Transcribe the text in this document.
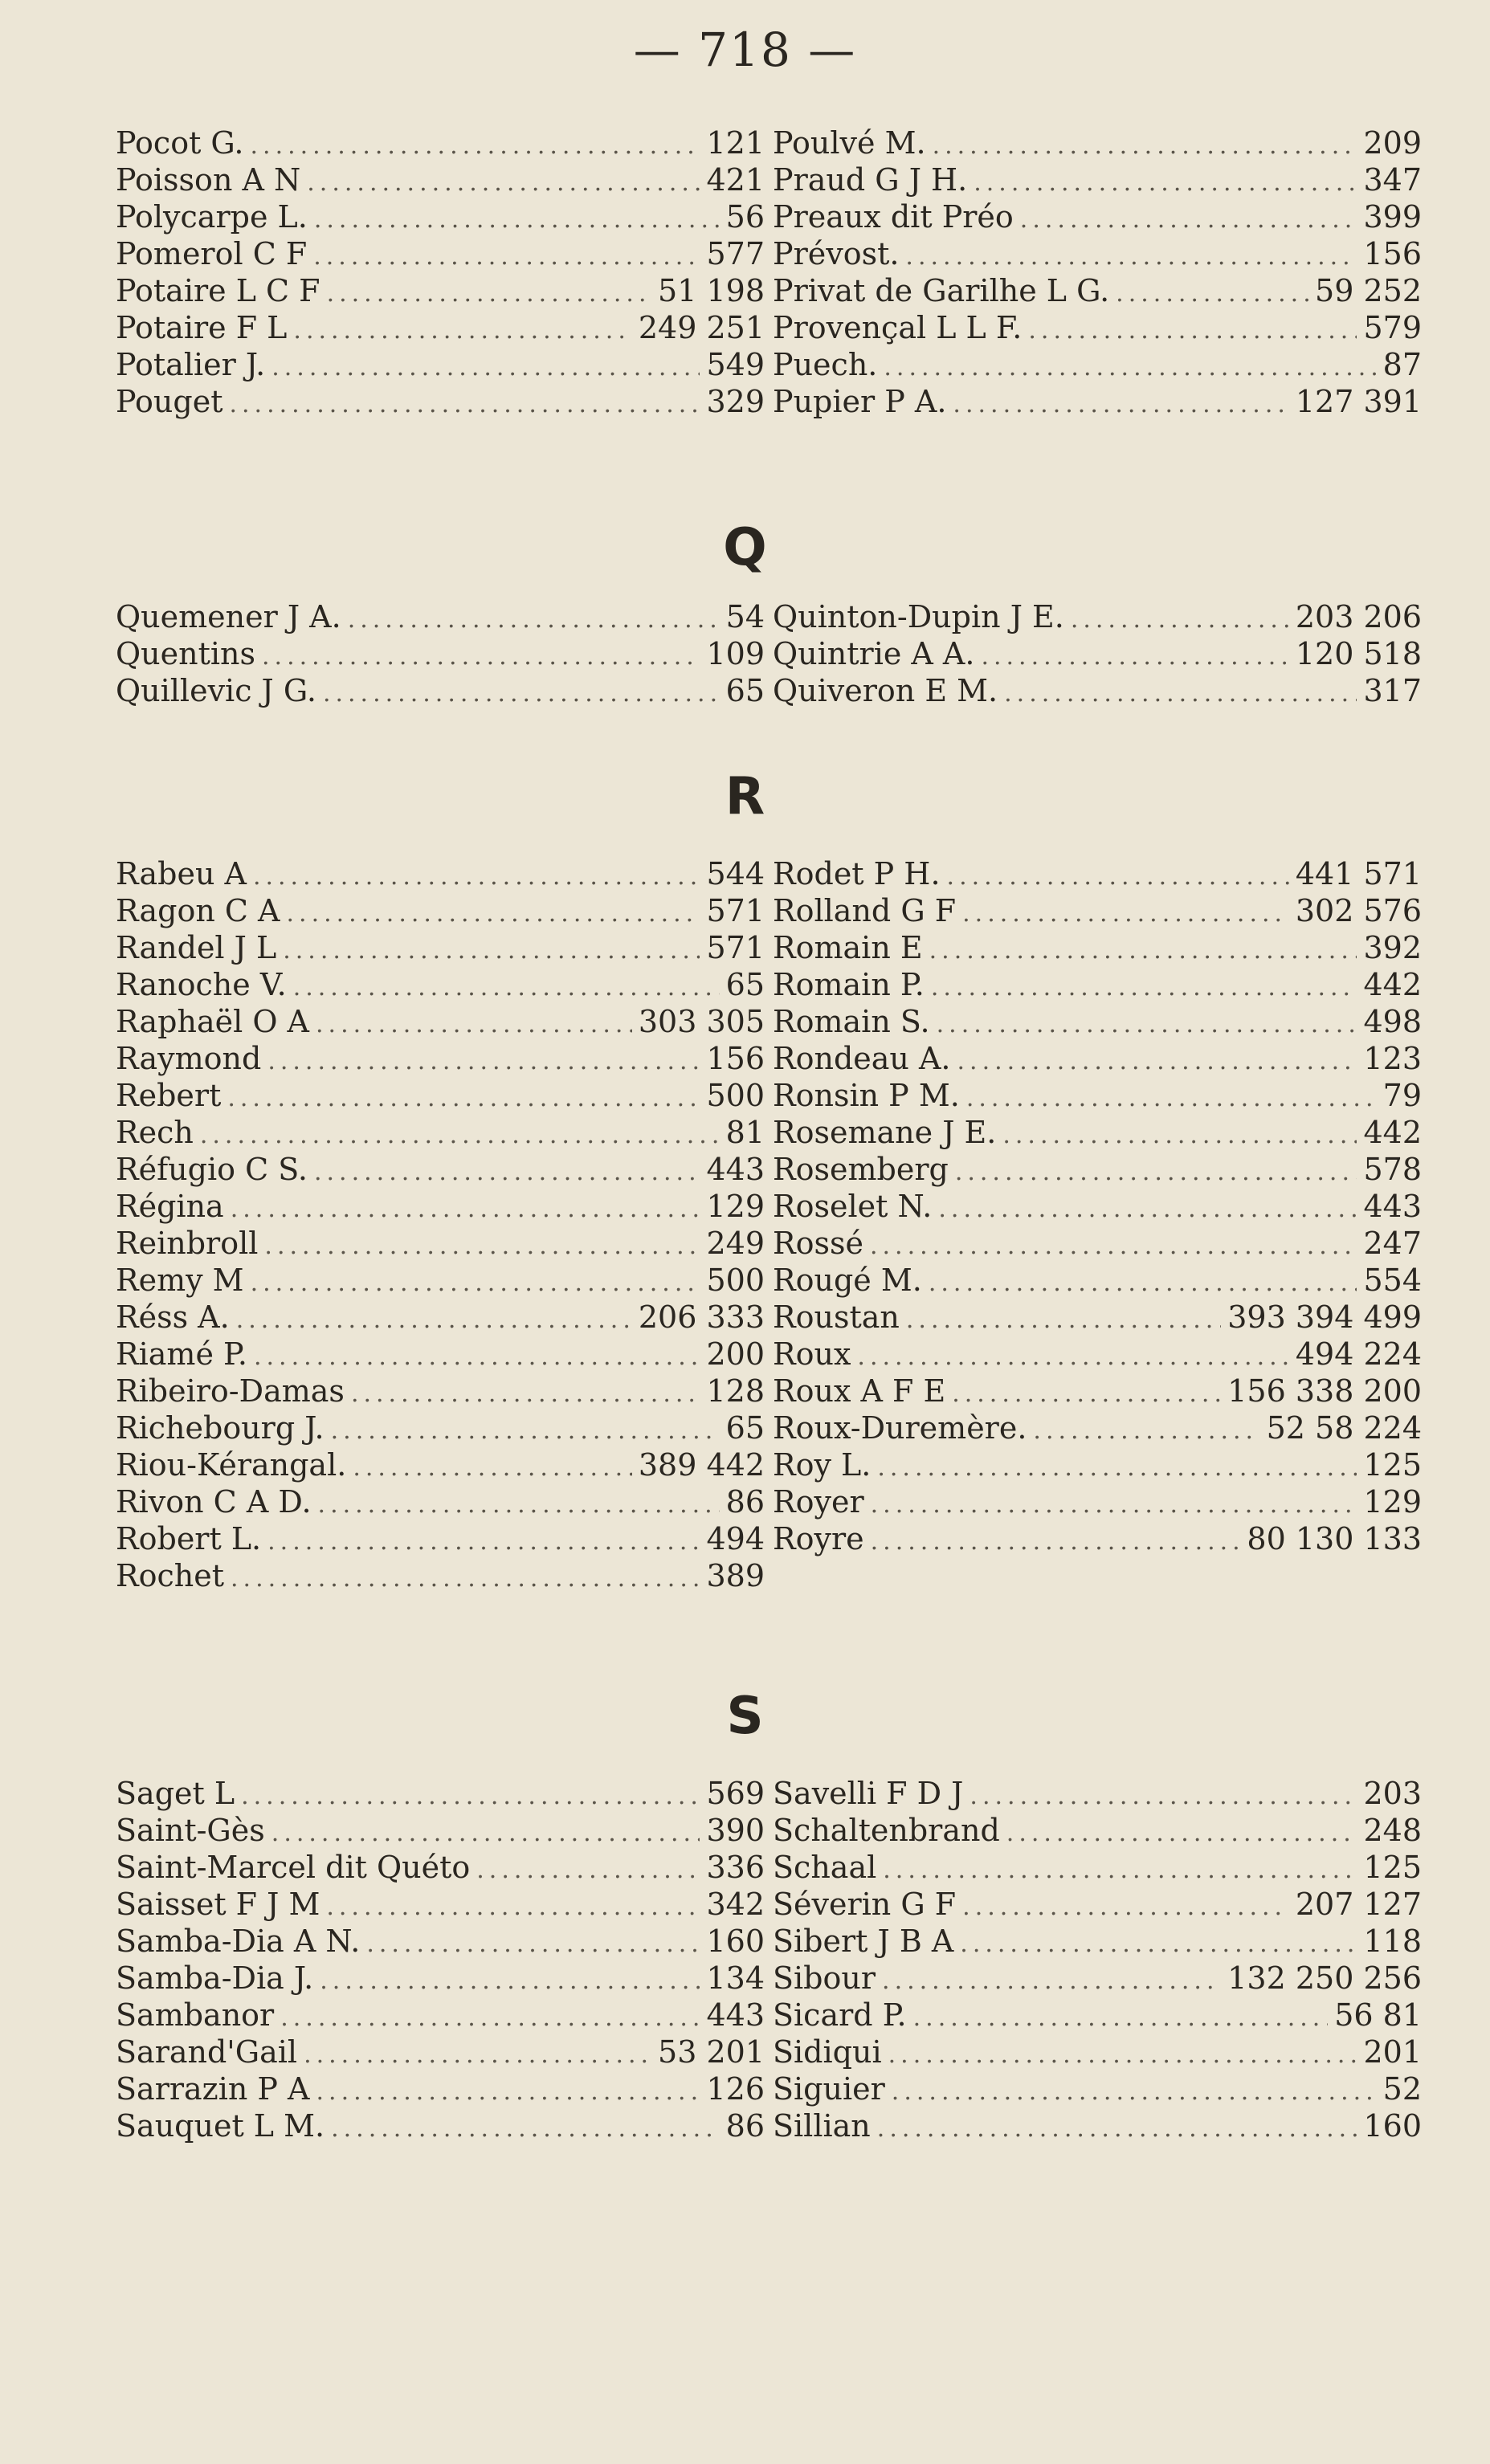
— 718 —
Pocot G. .....	121
Poisson A N .....	421
Polycarpe L. .....	56
Pomerol C F .....	577
Potaire L C F .....	51 198
Potaire F L .....	249 251
Potalier J. .....	549
Pouget .....	329
Poulvé M. .....	209
Praud G J H. .....	347
Preaux dit Préo .....	399
Prévost. .....	156
Privat de Garilhe L G. .....	59 252
Provençal L L F. .....	579
Puech. .....	87
Pupier P A. .....	127 391
Q
Quemener J A. .....	54
Quentins .....	109
Quillevic J G. .....	65
Quinton-Dupin J E. .....	203 206
Quintrie A A. .....	120 518
Quiveron E M. .....	317
R
Rabeu A .....	544
Ragon C A .....	571
Randel J L .....	571
Ranoche V. .....	65
Raphaël O A .....	303 305
Raymond .....	156
Rebert .....	500
Rech .....	81
Réfugio C S. .....	443
Régina .....	129
Reinbroll .....	249
Remy M .....	500
Réss A. .....	206 333
Riamé P. .....	200
Ribeiro-Damas .....	128
Richebourg J. .....	65
Riou-Kérangal. .....	389 442
Rivon C A D. .....	86
Robert L. .....	494
Rochet .....	389
Rodet P H. .....	441 571
Rolland G F .....	302 576
Romain E .....	392
Romain P. .....	442
Romain S. .....	498
Rondeau A. .....	123
Ronsin P M. .....	79
Rosemane J E. .....	442
Rosemberg .....	578
Roselet N. .....	443
Rossé .....	247
Rougé M. .....	554
Roustan .....	393 394 499
Roux .....	494 224
Roux A F E .....	156 338 200
Roux-Duremère. .....	52 58 224
Roy L. .....	125
Royer .....	129
Royre .....	80 130 133
S
Saget L .....	569
Saint-Gès .....	390
Saint-Marcel dit Quéto .....	336
Saisset F J M .....	342
Samba-Dia A N. .....	160
Samba-Dia J. .....	134
Sambanor .....	443
Sarand'Gail .....	53 201
Sarrazin P A .....	126
Sauquet L M. .....	86
Savelli F D J .....	203
Schaltenbrand .....	248
Schaal .....	125
Séverin G F .....	207 127
Sibert J B A .....	118
Sibour .....	132 250 256
Sicard P. .....	56 81
Sidiqui .....	201
Siguier .....	52
Sillian .....	160
